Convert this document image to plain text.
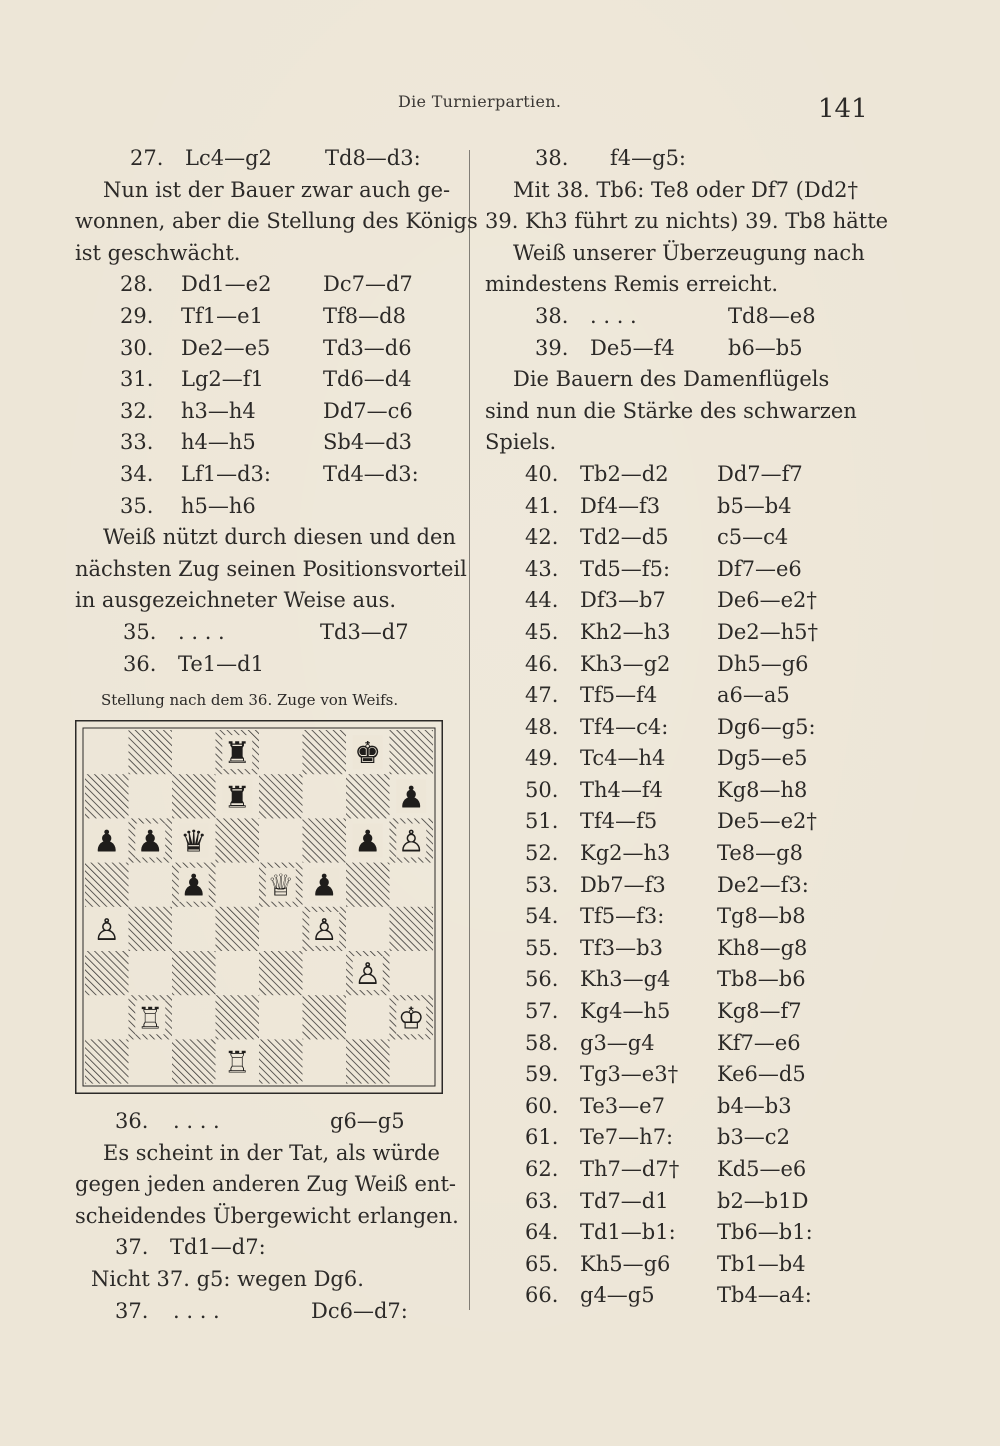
Die Turnierpartien.	141
27. Lc4—g2	Td8—d3:
Nun ist der Bauer zwar auch ge-
wonnen, aber die Stellung des Königs
ist geschwächt.
28. Dd1—e2 Dc7—d7
29. Tf1—e1	Tf8—d8
30. De2—e5	Td3—d6
31. Lg2—f1	Td6—d4
32. h3—h4	Dd7—c6
33. h4—h5	Sb4—d3
34. Lf1—d3: Td4—d3:
35. h5—h6
Weiß nützt durch diesen und den
nächsten Zug seinen Positionsvorteil
in ausgezeichneter Weise aus.
35. . . . .	Td3—d7
36. Te1—d1
Stellung nach dem 36. Zuge von Weifs.
♜	♚
♜	♟
♟ ♟ ♛	♟ ♙
♟ ♕ ♟
♙	♙
♙
♖	♔
♖
36. . . . .	g6—g5
Es scheint in der Tat, als würde
gegen jeden anderen Zug Weiß ent-
scheidendes Übergewicht erlangen.
37. Td1—d7:
Nicht 37. g5: wegen Dg6.
37. . . . .	Dc6—d7:
38. f4—g5:
Mit 38. Tb6: Te8 oder Df7 (Dd2†
39. Kh3 führt zu nichts) 39. Tb8 hätte
Weiß unserer Überzeugung nach
mindestens Remis erreicht.
38. . . . .	Td8—e8
39. De5—f4	b6—b5
Die Bauern des Damenflügels
sind nun die Stärke des schwarzen
Spiels.
40. Tb2—d2 Dd7—f7
41. Df4—f3	b5—b4
42. Td2—d5 c5—c4
43. Td5—f5: Df7—e6
44. Df3—b7 De6—e2†
45. Kh2—h3 De2—h5†
46. Kh3—g2 Dh5—g6
47. Tf5—f4	a6—a5
48. Tf4—c4: Dg6—g5:
49. Tc4—h4 Dg5—e5
50. Th4—f4	Kg8—h8
51. Tf4—f5	De5—e2†
52. Kg2—h3 Te8—g8
53. Db7—f3 De2—f3:
54. Tf5—f3:	Tg8—b8
55. Tf3—b3	Kh8—g8
56. Kh3—g4 Tb8—b6
57. Kg4—h5 Kg8—f7
58. g3—g4	Kf7—e6
59. Tg3—e3† Ke6—d5
60. Te3—e7 b4—b3
61. Te7—h7: b3—c2
62. Th7—d7† Kd5—e6
63. Td7—d1 b2—b1D
64. Td1—b1: Tb6—b1:
65. Kh5—g6 Tb1—b4
66. g4—g5	Tb4—a4:
